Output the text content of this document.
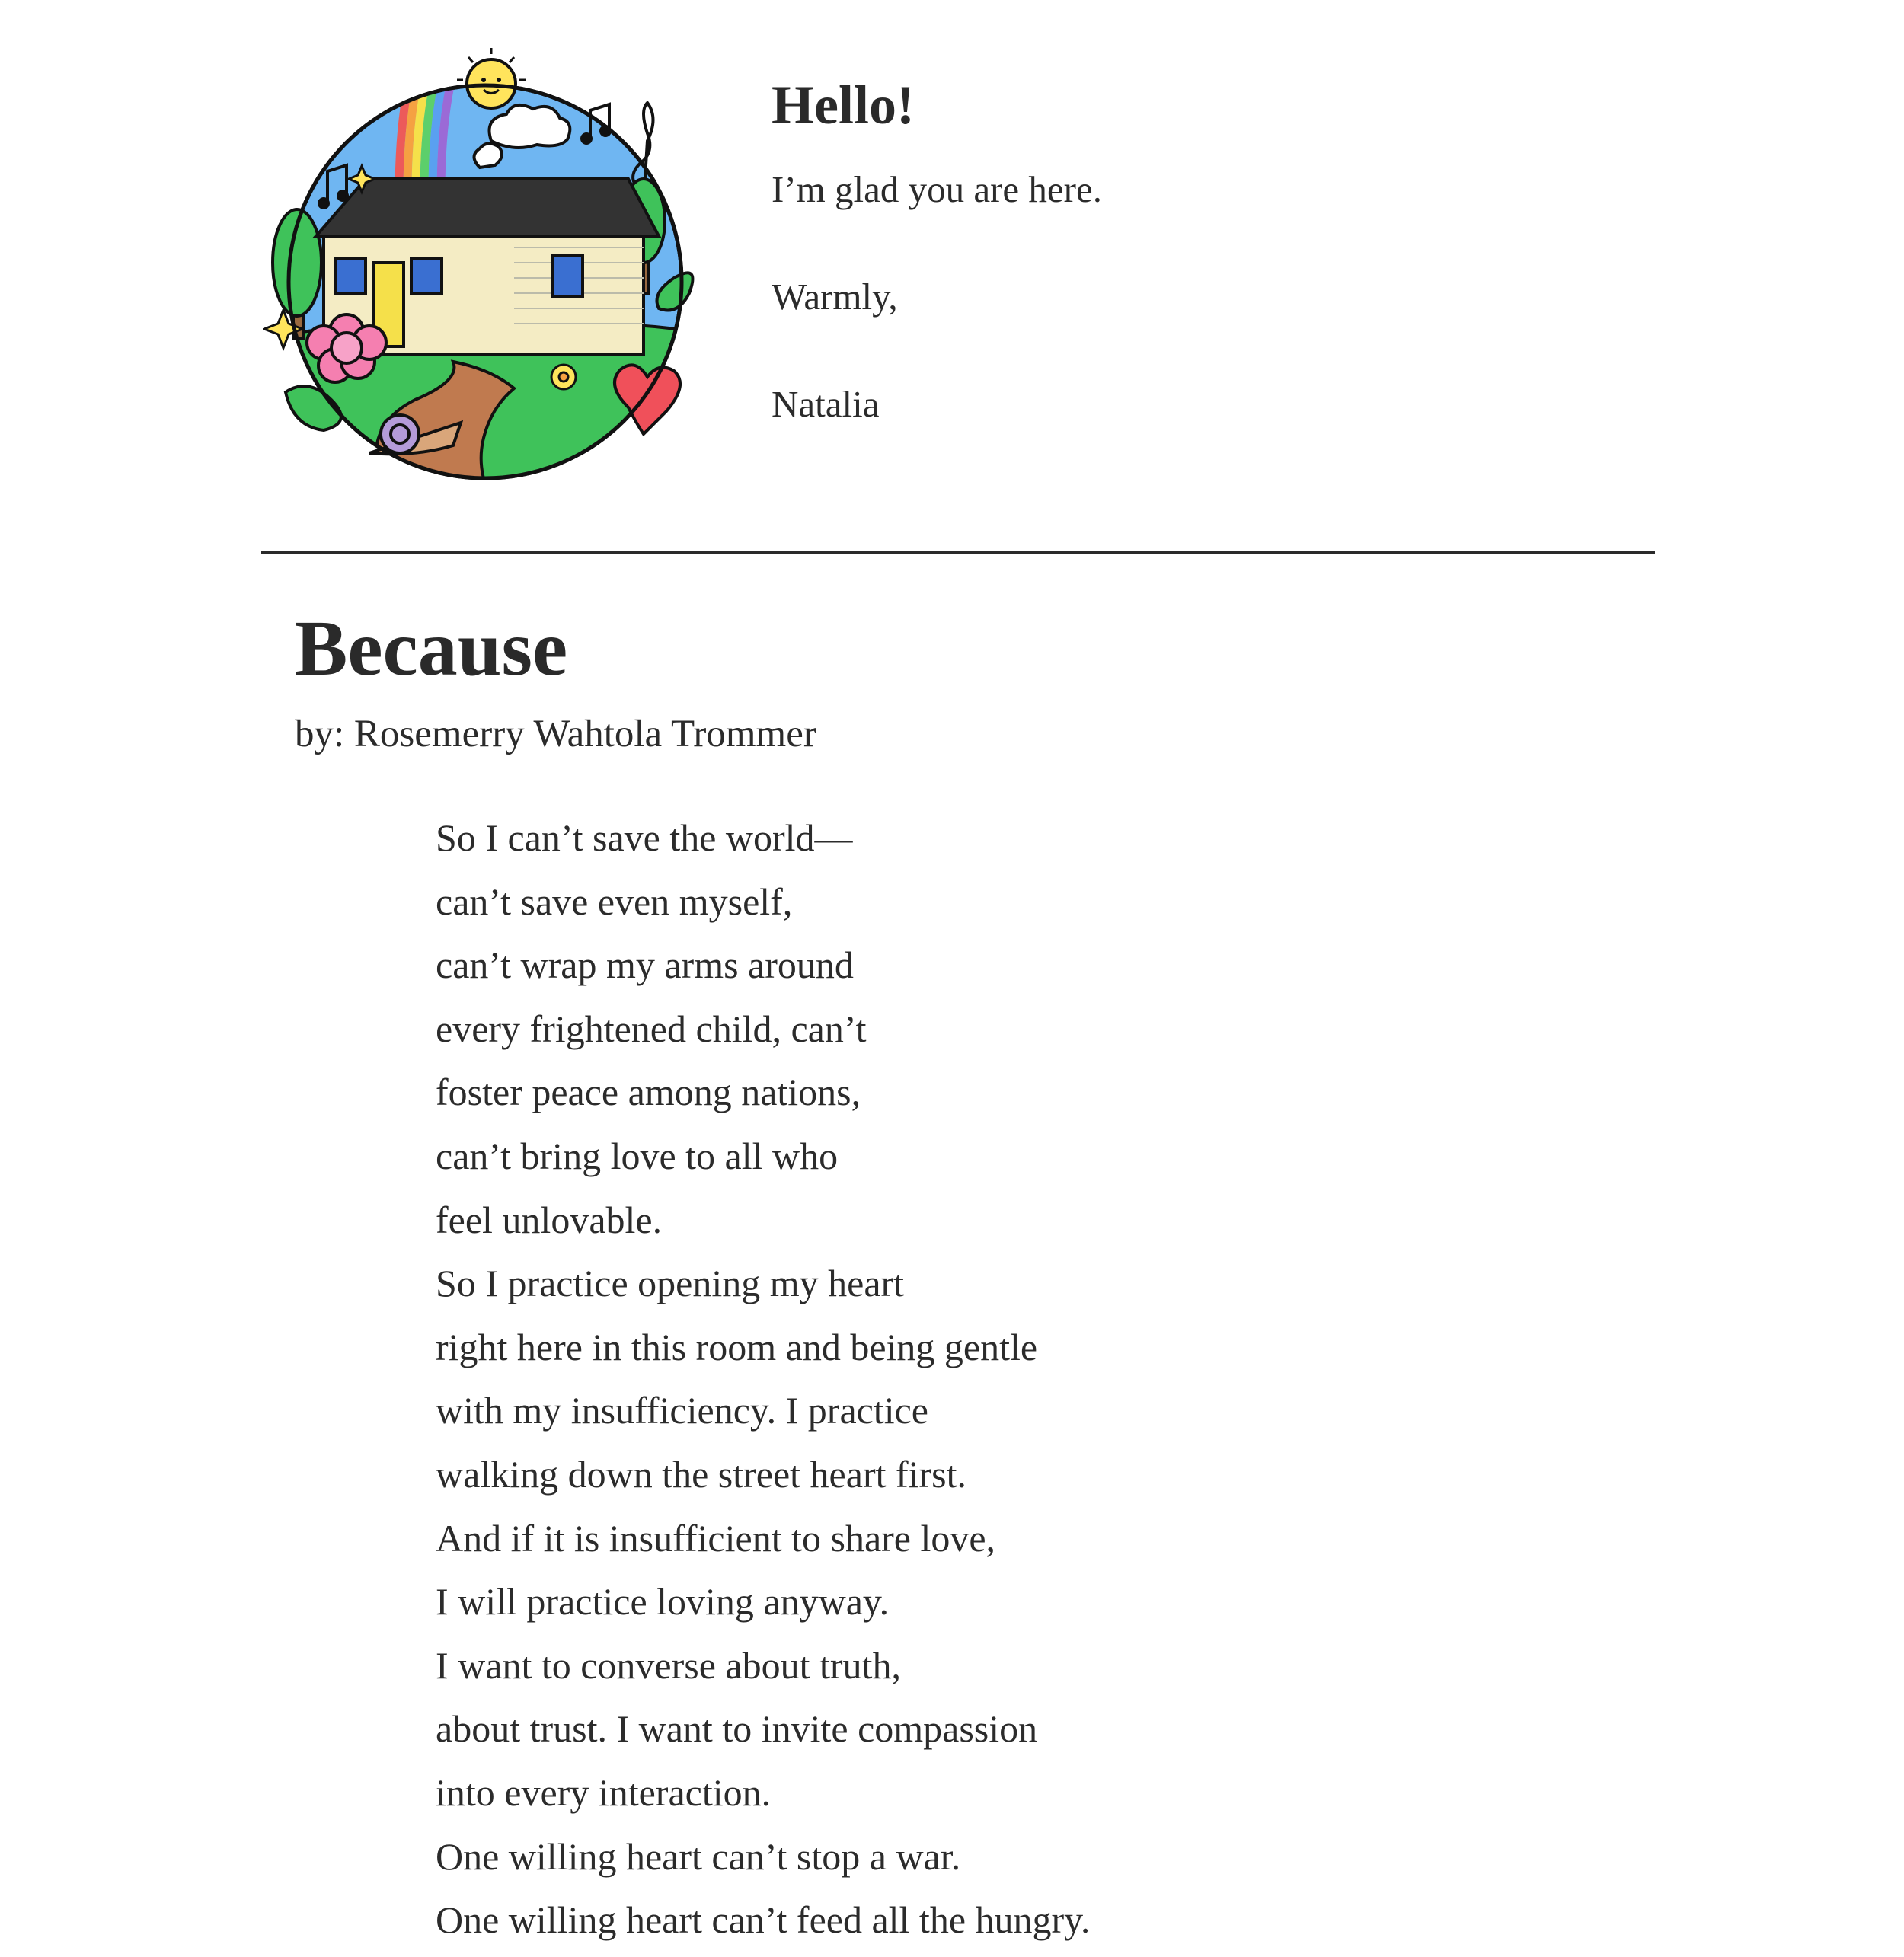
Hello!

I’m glad you are here.

Warmly,

Natalia

Because

by: Rosemerry Wahtola Trommer

So I can’t save the world—
can’t save even myself,
can’t wrap my arms around
every frightened child, can’t
foster peace among nations,
can’t bring love to all who
feel unlovable.
So I practice opening my heart
right here in this room and being gentle
with my insufficiency. I practice
walking down the street heart first.
And if it is insufficient to share love,
I will practice loving anyway.
I want to converse about truth,
about trust. I want to invite compassion
into every interaction.
One willing heart can’t stop a war.
One willing heart can’t feed all the hungry.
